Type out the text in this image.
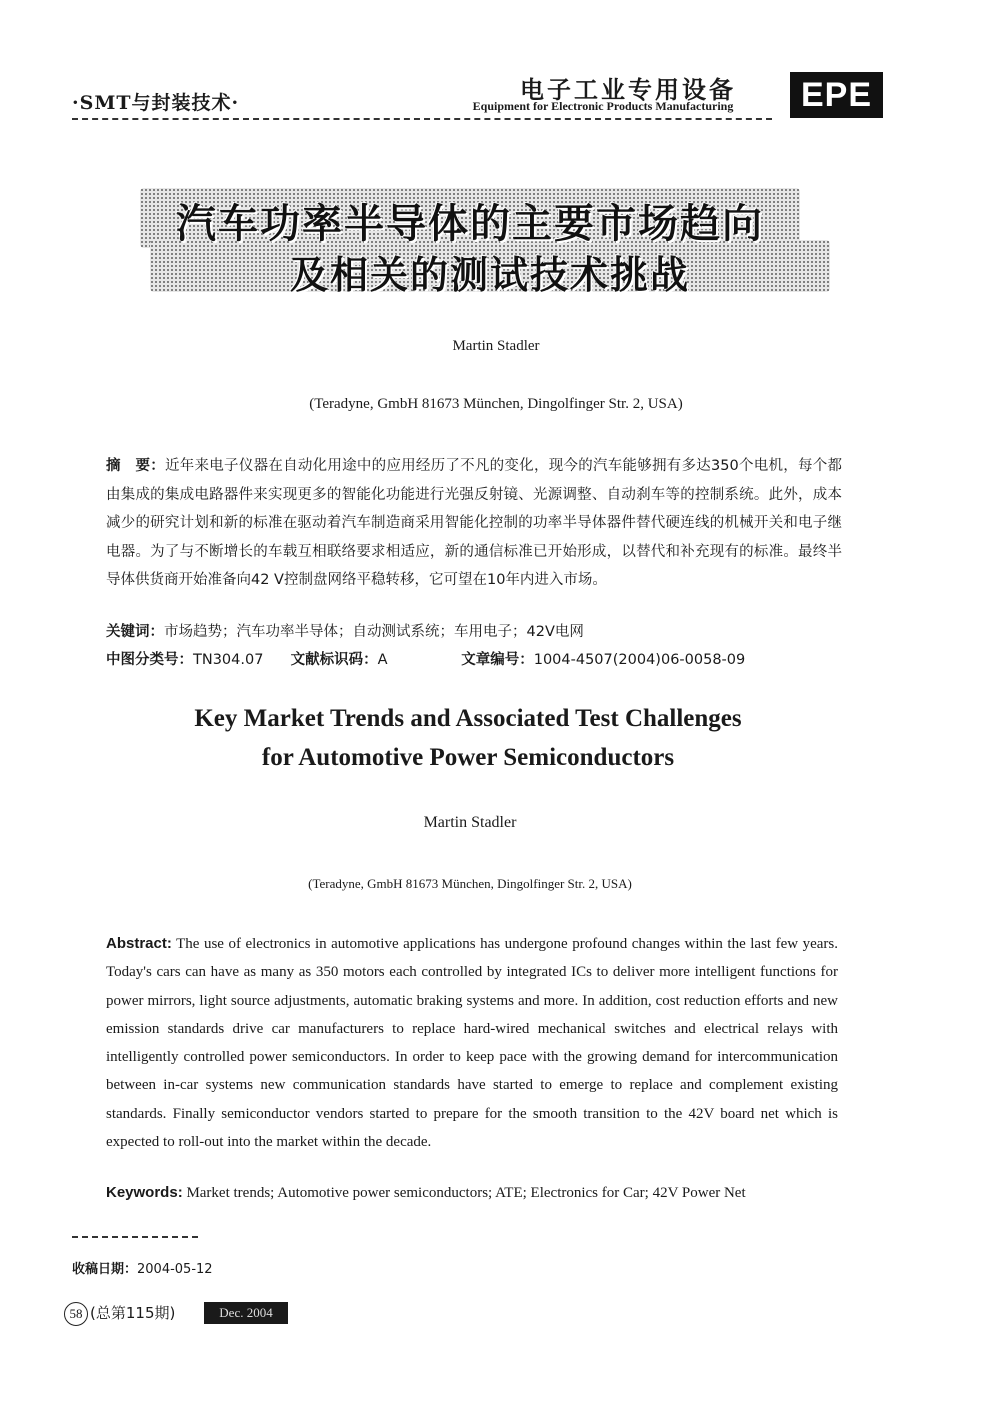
·SMT与封装技术·	电子工业专用设备
Equipment for Electronic Products Manufacturing	EPE
汽车功率半导体的主要市场趋向
及相关的测试技术挑战
Martin Stadler
(Teradyne, GmbH 81673 München, Dingolfinger Str. 2, USA)
摘　要：近年来电子仪器在自动化用途中的应用经历了不凡的变化，现今的汽车能够拥有多达350个电机，每个都由集成的集成电路器件来实现更多的智能化功能进行光强反射镜、光源调整、自动刹车等的控制系统。此外，成本减少的研究计划和新的标准在驱动着汽车制造商采用智能化控制的功率半导体器件替代硬连线的机械开关和电子继电器。为了与不断增长的车载互相联络要求相适应，新的通信标准已开始形成，以替代和补充现有的标准。最终半导体供货商开始准备向42 V控制盘网络平稳转移，它可望在10年内进入市场。
关键词：市场趋势；汽车功率半导体；自动测试系统；车用电子；42V电网
中图分类号：TN304.07 文献标识码：A	文章编号：1004-4507(2004)06-0058-09
Key Market Trends and Associated Test Challenges
for Automotive Power Semiconductors
Martin Stadler
(Teradyne, GmbH 81673 München, Dingolfinger Str. 2, USA)
Abstract: The use of electronics in automotive applications has undergone profound changes within the last few years. Today's cars can have as many as 350 motors each controlled by integrated ICs to deliver more intelligent functions for power mirrors, light source adjustments, automatic braking systems and more. In addition, cost reduction efforts and new emission standards drive car manufacturers to replace hard-wired mechanical switches and electrical relays with intelligently controlled power semiconductors. In order to keep pace with the growing demand for intercommunication between in-car systems new communication standards have started to emerge to replace and complement existing standards. Finally semiconductor vendors started to prepare for the smooth transition to the 42V board net which is expected to roll-out into the market within the decade.
Keywords: Market trends; Automotive power semiconductors; ATE; Electronics for Car; 42V Power Net
收稿日期：2004-05-12
58 (总第115期)	Dec. 2004
